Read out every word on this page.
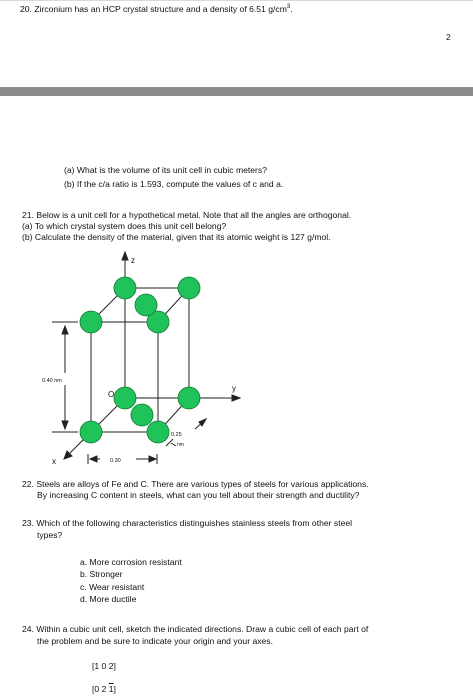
20. Zirconium has an HCP crystal structure and a density of 6.51 $g/cm^3$.
2
(a) What is the volume of its unit cell in cubic meters?
(b) If the c/a ratio is 1.593, compute the values of c and a.
21. Below is a unit cell for a hypothetical metal. Note that all the angles are orthogonal.
(a) To which crystal system does this unit cell belong?
(b) Calculate the density of the material, given that its atomic weight is 127 g/mol.
z
y
x
O
0.40 nm
0.30
0.25
nm
22. Steels are alloys of Fe and C. There are various types of steels for various applications.
By increasing C content in steels, what can you tell about their strength and ductility?
23. Which of the following characteristics distinguishes stainless steels from other steel
types?
a. More corrosion resistant
b. Stronger
c. Wear resistant
d. More ductile
24. Within a cubic unit cell, sketch the indicated directions. Draw a cubic cell of each part of
the problem and be sure to indicate your origin and your axes.
[1 0 2]
[0 2 1]
